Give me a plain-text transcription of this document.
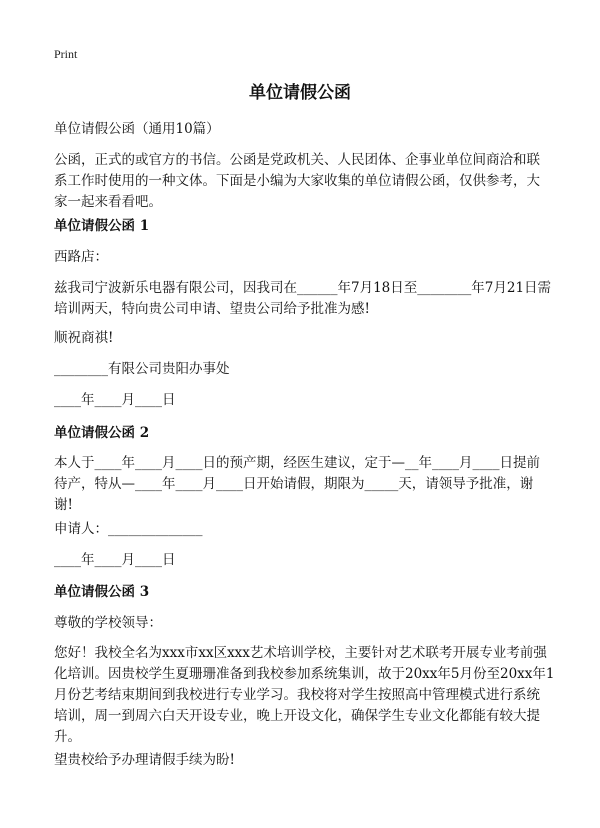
Print
单位请假公函
单位请假公函（通用10篇）
公函，正式的或官方的书信。公函是党政机关、人民团体、企事业单位间商洽和联
系工作时使用的一种文体。下面是小编为大家收集的单位请假公函，仅供参考，大
家一起来看看吧。
单位请假公函 1
西路店：
兹我司宁波新乐电器有限公司，因我司在______年7月18日至________年7月21日需
培训两天，特向贵公司申请、望贵公司给予批准为感!
顺祝商祺!
________有限公司贵阳办事处
____年____月____日
单位请假公函 2
本人于____年____月____日的预产期，经医生建议，定于—__年____月____日提前
待产，特从—____年____月____日开始请假，期限为_____天，请领导予批准，谢
谢!
申请人：______________
____年____月____日
单位请假公函 3
尊敬的学校领导：
您好！我校全名为xxx市xx区xxx艺术培训学校，主要针对艺术联考开展专业考前强
化培训。因贵校学生夏珊珊准备到我校参加系统集训，故于20xx年5月份至20xx年1
月份艺考结束期间到我校进行专业学习。我校将对学生按照高中管理模式进行系统
培训，周一到周六白天开设专业，晚上开设文化，确保学生专业文化都能有较大提
升。
望贵校给予办理请假手续为盼!
